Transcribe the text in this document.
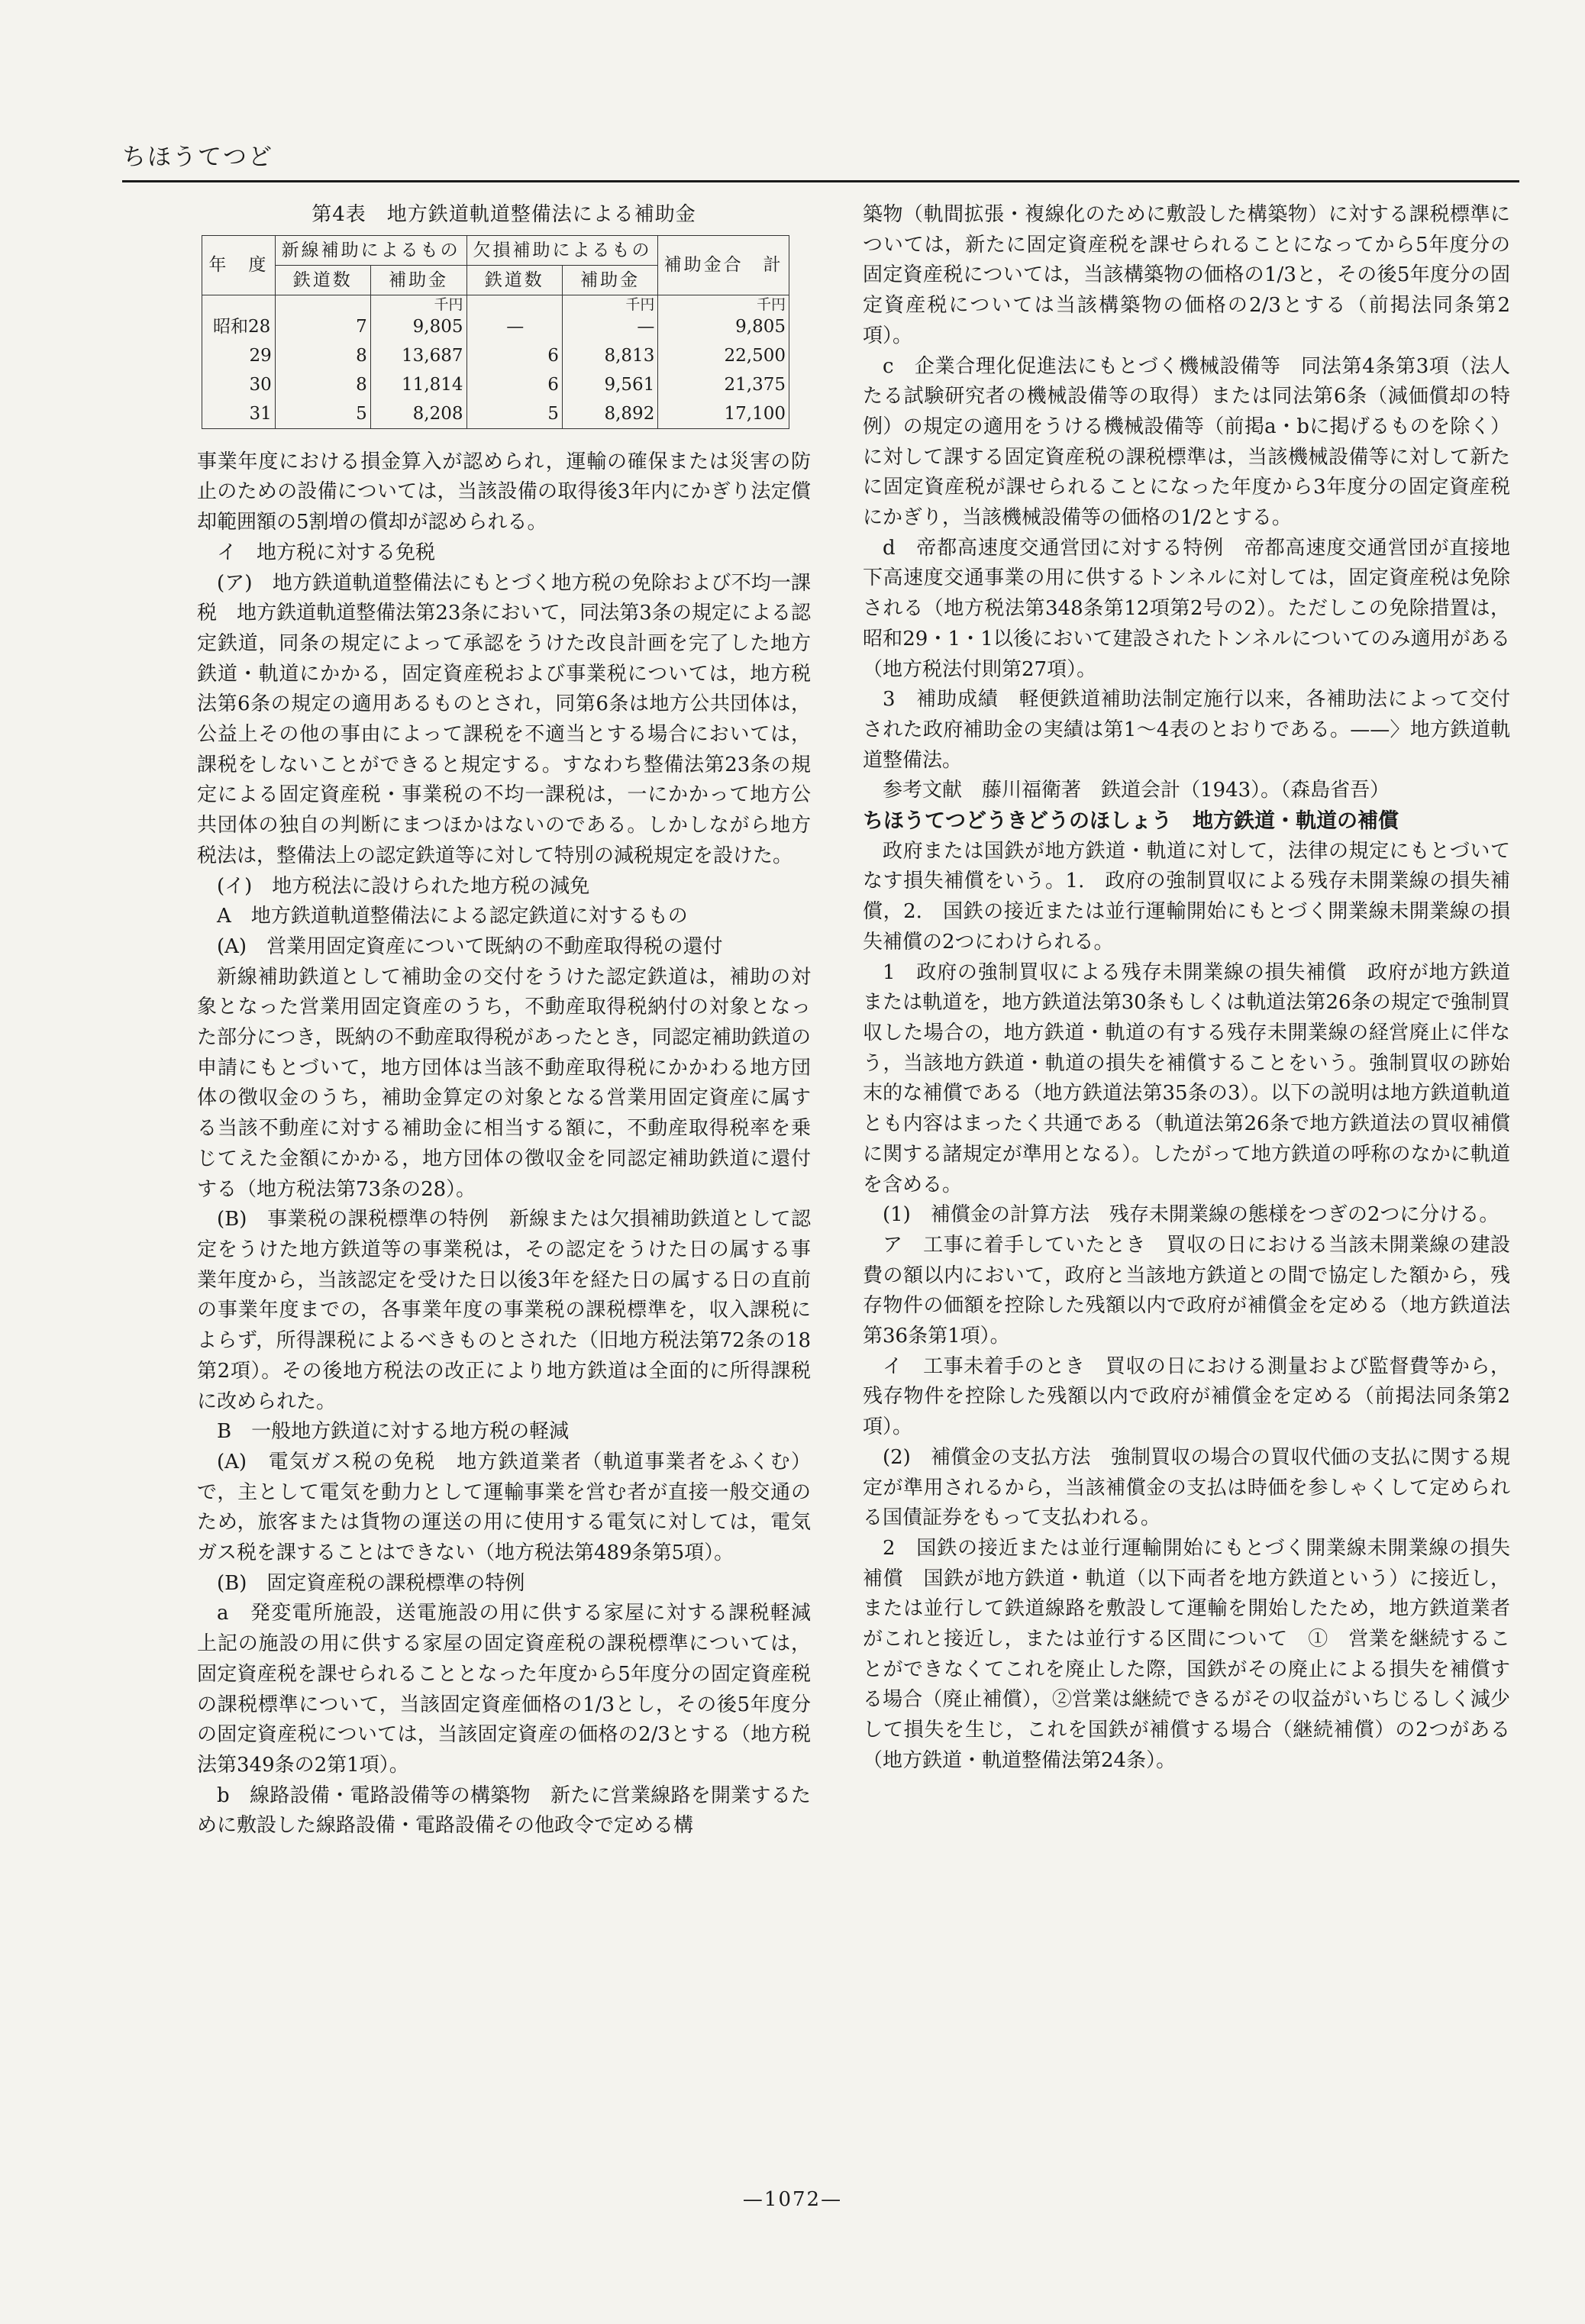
ちほうてつど
第4表　地方鉄道軌道整備法による補助金
年　度	新線補助によるもの		欠損補助によるもの		補助金合　計
	鉄道数	補助金	鉄道数	補助金	
		千円		千円	千円
昭和28	7	9,805	—	—	9,805
29	8	13,687	6	8,813	22,500
30	8	11,814	6	9,561	21,375
31	5	8,208	5	8,892	17,100

事業年度における損金算入が認められ，運輸の確保または災害の防止のための設備については，当該設備の取得後3年内にかぎり法定償却範囲額の5割増の償却が認められる。

イ　地方税に対する免税

(ア)　地方鉄道軌道整備法にもとづく地方税の免除および不均一課税　地方鉄道軌道整備法第23条において，同法第3条の規定による認定鉄道，同条の規定によって承認をうけた改良計画を完了した地方鉄道・軌道にかかる，固定資産税および事業税については，地方税法第6条の規定の適用あるものとされ，同第6条は地方公共団体は，公益上その他の事由によって課税を不適当とする場合においては，課税をしないことができると規定する。すなわち整備法第23条の規定による固定資産税・事業税の不均一課税は，一にかかって地方公共団体の独自の判断にまつほかはないのである。しかしながら地方税法は，整備法上の認定鉄道等に対して特別の減税規定を設けた。

(イ)　地方税法に設けられた地方税の減免

A　地方鉄道軌道整備法による認定鉄道に対するもの

(A)　営業用固定資産について既納の不動産取得税の還付

新線補助鉄道として補助金の交付をうけた認定鉄道は，補助の対象となった営業用固定資産のうち，不動産取得税納付の対象となった部分につき，既納の不動産取得税があったとき，同認定補助鉄道の申請にもとづいて，地方団体は当該不動産取得税にかかわる地方団体の徴収金のうち，補助金算定の対象となる営業用固定資産に属する当該不動産に対する補助金に相当する額に，不動産取得税率を乗じてえた金額にかかる，地方団体の徴収金を同認定補助鉄道に還付する（地方税法第73条の28）。

(B)　事業税の課税標準の特例　新線または欠損補助鉄道として認定をうけた地方鉄道等の事業税は，その認定をうけた日の属する事業年度から，当該認定を受けた日以後3年を経た日の属する日の直前の事業年度までの，各事業年度の事業税の課税標準を，収入課税によらず，所得課税によるべきものとされた（旧地方税法第72条の18第2項）。その後地方税法の改正により地方鉄道は全面的に所得課税に改められた。

B　一般地方鉄道に対する地方税の軽減

(A)　電気ガス税の免税　地方鉄道業者（軌道事業者をふくむ）で，主として電気を動力として運輸事業を営む者が直接一般交通のため，旅客または貨物の運送の用に使用する電気に対しては，電気ガス税を課することはできない（地方税法第489条第5項）。

(B)　固定資産税の課税標準の特例

a　発変電所施設，送電施設の用に供する家屋に対する課税軽減　上記の施設の用に供する家屋の固定資産税の課税標準については，固定資産税を課せられることとなった年度から5年度分の固定資産税の課税標準について，当該固定資産価格の1/3とし，その後5年度分の固定資産税については，当該固定資産の価格の2/3とする（地方税法第349条の2第1項）。

b　線路設備・電路設備等の構築物　新たに営業線路を開業するために敷設した線路設備・電路設備その他政令で定める構

築物（軌間拡張・複線化のために敷設した構築物）に対する課税標準については，新たに固定資産税を課せられることになってから5年度分の固定資産税については，当該構築物の価格の1/3と，その後5年度分の固定資産税については当該構築物の価格の2/3とする（前掲法同条第2項）。

c　企業合理化促進法にもとづく機械設備等　同法第4条第3項（法人たる試験研究者の機械設備等の取得）または同法第6条（減価償却の特例）の規定の適用をうける機械設備等（前掲a・bに掲げるものを除く）に対して課する固定資産税の課税標準は，当該機械設備等に対して新たに固定資産税が課せられることになった年度から3年度分の固定資産税にかぎり，当該機械設備等の価格の1/2とする。

d　帝都高速度交通営団に対する特例　帝都高速度交通営団が直接地下高速度交通事業の用に供するトンネルに対しては，固定資産税は免除される（地方税法第348条第12項第2号の2）。ただしこの免除措置は，昭和29・1・1以後において建設されたトンネルについてのみ適用がある（地方税法付則第27項）。

3　補助成績　軽便鉄道補助法制定施行以来，各補助法によって交付された政府補助金の実績は第1〜4表のとおりである。——〉地方鉄道軌道整備法。

参考文献　藤川福衛著　鉄道会計（1943）。（森島省吾）

ちほうてつどうきどうのほしょう　地方鉄道・軌道の補償

政府または国鉄が地方鉄道・軌道に対して，法律の規定にもとづいてなす損失補償をいう。1.　政府の強制買収による残存未開業線の損失補償，2.　国鉄の接近または並行運輸開始にもとづく開業線未開業線の損失補償の2つにわけられる。

1　政府の強制買収による残存未開業線の損失補償　政府が地方鉄道または軌道を，地方鉄道法第30条もしくは軌道法第26条の規定で強制買収した場合の，地方鉄道・軌道の有する残存未開業線の経営廃止に伴なう，当該地方鉄道・軌道の損失を補償することをいう。強制買収の跡始末的な補償である（地方鉄道法第35条の3）。以下の説明は地方鉄道軌道とも内容はまったく共通である（軌道法第26条で地方鉄道法の買収補償に関する諸規定が準用となる）。したがって地方鉄道の呼称のなかに軌道を含める。

(1)　補償金の計算方法　残存未開業線の態様をつぎの2つに分ける。

ア　工事に着手していたとき　買収の日における当該未開業線の建設費の額以内において，政府と当該地方鉄道との間で協定した額から，残存物件の価額を控除した残額以内で政府が補償金を定める（地方鉄道法第36条第1項）。

イ　工事未着手のとき　買収の日における測量および監督費等から，残存物件を控除した残額以内で政府が補償金を定める（前掲法同条第2項）。

(2)　補償金の支払方法　強制買収の場合の買収代価の支払に関する規定が準用されるから，当該補償金の支払は時価を参しゃくして定められる国債証券をもって支払われる。

2　国鉄の接近または並行運輸開始にもとづく開業線未開業線の損失補償　国鉄が地方鉄道・軌道（以下両者を地方鉄道という）に接近し，または並行して鉄道線路を敷設して運輸を開始したため，地方鉄道業者がこれと接近し，または並行する区間について　①　営業を継続することができなくてこれを廃止した際，国鉄がその廃止による損失を補償する場合（廃止補償），②営業は継続できるがその収益がいちじるしく減少して損失を生じ，これを国鉄が補償する場合（継続補償）の2つがある（地方鉄道・軌道整備法第24条）。

—1072—
